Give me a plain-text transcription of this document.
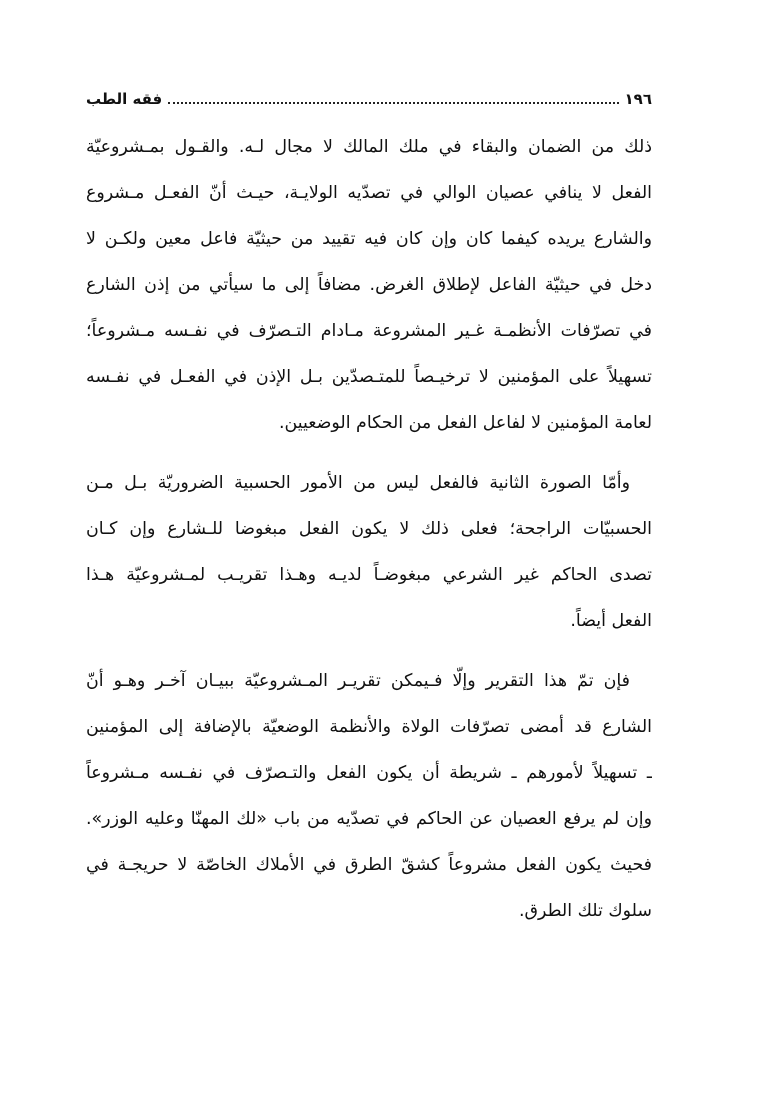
١٩٦
فقه الطب
ذلك من الضمان والبقاء في ملك المالك لا مجال لـه. والقـول بمـشروعيّة
الفعل لا ينافي عصيان الوالي في تصدّيه الولايـة، حيـث أنّ الفعـل مـشروع
والشارع يريده كيفما كان وإن كان فيه تقييد من حيثيّة فاعل معين ولكـن لا
دخل في حيثيّة الفاعل لإطلاق الغرض. مضافاً إلى ما سيأتي من إذن الشارع
في تصرّفات الأنظمـة غـير المشروعة مـادام التـصرّف في نفـسه مـشروعاً؛
تسهيلاً على المؤمنين لا ترخيـصاً للمتـصدّين بـل الإذن في الفعـل في نفـسه
لعامة المؤمنين لا لفاعل الفعل من الحكام الوضعيين.
وأمّا الصورة الثانية فالفعل ليس من الأمور الحسبية الضروريّة بـل مـن
الحسبيّات الراجحة؛ فعلى ذلك لا يكون الفعل مبغوضا للـشارع وإن كـان
تصدى الحاكم غير الشرعي مبغوضـاً لديـه وهـذا تقريـب لمـشروعيّة هـذا
الفعل أيضاً.
فإن تمّ هذا التقرير وإلّا فـيمكن تقريـر المـشروعيّة ببيـان آخـر وهـو أنّ
الشارع قد أمضى تصرّفات الولاة والأنظمة الوضعيّة بالإضافة إلى المؤمنين
ـ تسهيلاً لأمورهم ـ شريطة أن يكون الفعل والتـصرّف في نفـسه مـشروعاً
وإن لم يرفع العصيان عن الحاكم في تصدّيه من باب «لك المهنّا وعليه الوزر».
فحيث يكون الفعل مشروعاً كشقّ الطرق في الأملاك الخاصّة لا حريجـة في
سلوك تلك الطرق.
